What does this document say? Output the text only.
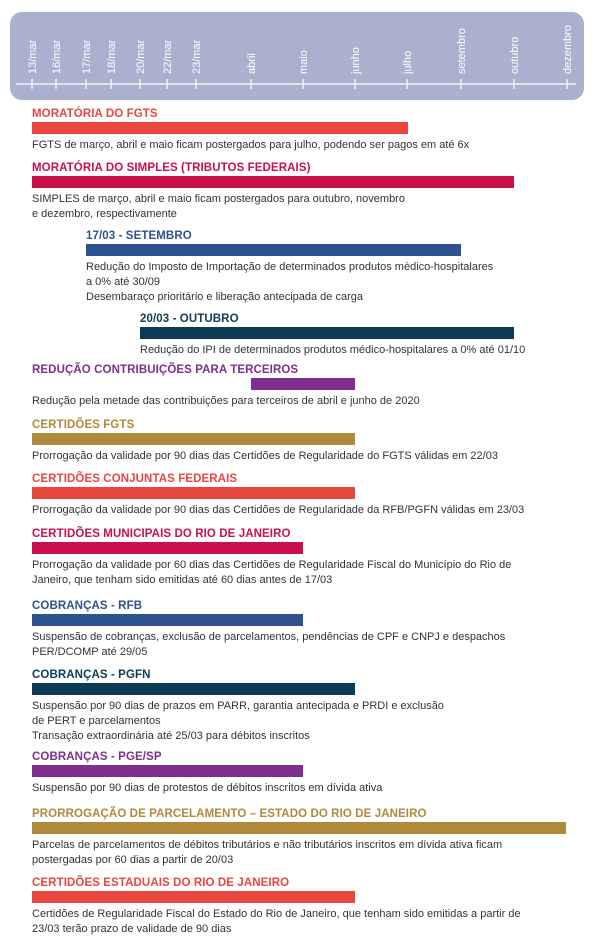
13/mar 16/mar 17/mar 18/mar 20/mar 22/mar 23/mar	abril	maio	junho	julho	setembro	outubro	dezembro
MORATÓRIA DO FGTS
FGTS de março, abril e maio ficam postergados para julho, podendo ser pagos em até 6x
MORATÓRIA DO SIMPLES (TRIBUTOS FEDERAIS)
SIMPLES de março, abril e maio ficam postergados para outubro, novembro
e dezembro, respectivamente
17/03 - SETEMBRO
Redução do Imposto de Importação de determinados produtos médico-hospitalares
a 0% até 30/09
Desembaraço prioritário e liberação antecipada de carga
20/03 - OUTUBRO
Redução do IPI de determinados produtos médico-hospitalares a 0% até 01/10
REDUÇÃO CONTRIBUIÇÕES PARA TERCEIROS
Redução pela metade das contribuições para terceiros de abril e junho de 2020
CERTIDÕES FGTS
Prorrogação da validade por 90 dias das Certidões de Regularidade do FGTS válidas em 22/03
CERTIDÕES CONJUNTAS FEDERAIS
Prorrogação da validade por 90 dias das Certidões de Regularidade da RFB/PGFN válidas em 23/03
CERTIDÕES MUNICIPAIS DO RIO DE JANEIRO
Prorrogação da validade por 60 dias das Certidões de Regularidade Fiscal do Município do Rio de
Janeiro, que tenham sido emitidas até 60 dias antes de 17/03
COBRANÇAS - RFB
Suspensão de cobranças, exclusão de parcelamentos, pendências de CPF e CNPJ e despachos
PER/DCOMP até 29/05
COBRANÇAS - PGFN
Suspensão por 90 dias de prazos em PARR, garantia antecipada e PRDI e exclusão
de PERT e parcelamentos
Transação extraordinária até 25/03 para débitos inscritos
COBRANÇAS - PGE/SP
Suspensão por 90 dias de protestos de débitos inscritos em dívida ativa
PRORROGAÇÃO DE PARCELAMENTO – ESTADO DO RIO DE JANEIRO
Parcelas de parcelamentos de débitos tributários e não tributários inscritos em dívida ativa ficam
postergadas por 60 dias a partir de 20/03
CERTIDÕES ESTADUAIS DO RIO DE JANEIRO
Certidões de Regularidade Fiscal do Estado do Rio de Janeiro, que tenham sido emitidas a partir de
23/03 terão prazo de validade de 90 dias
